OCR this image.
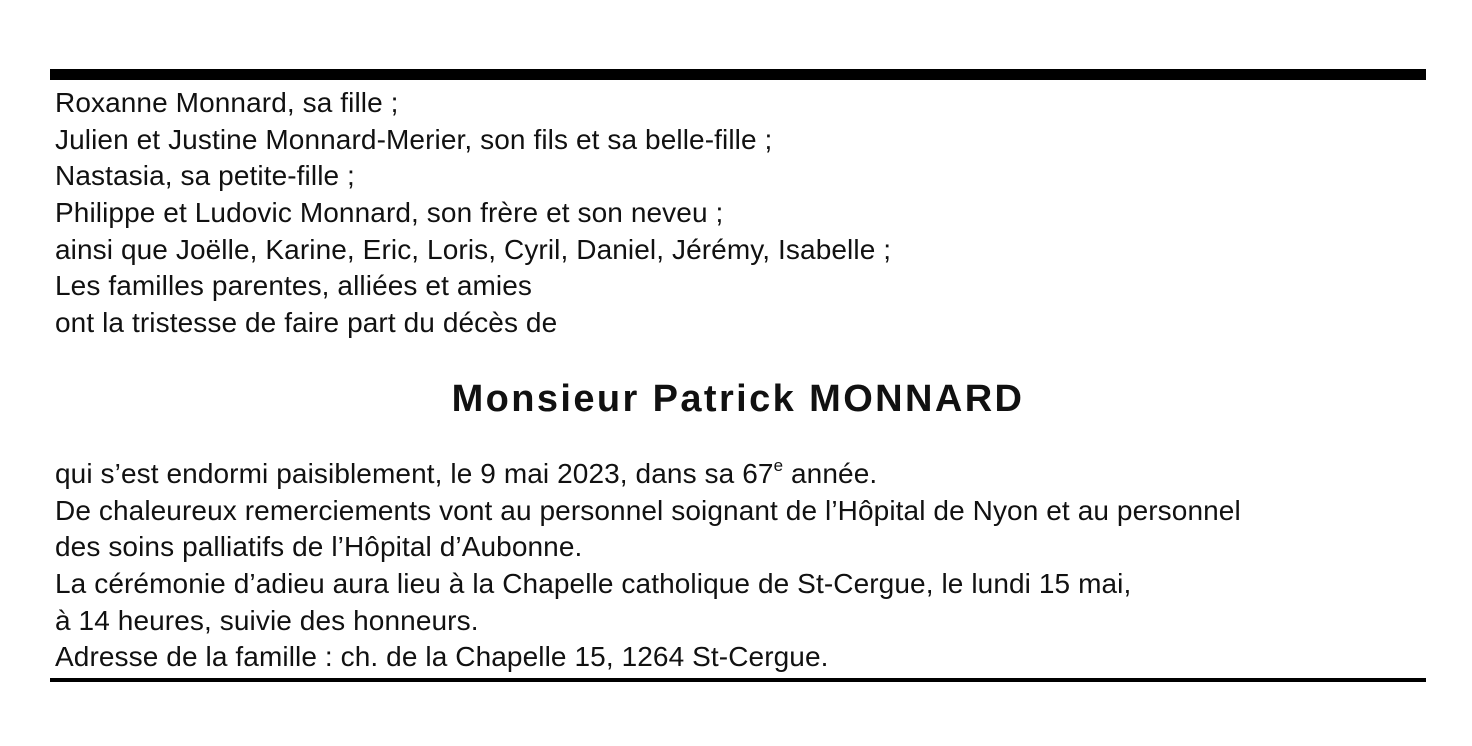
Roxanne Monnard, sa fille ;
Julien et Justine Monnard-Merier, son fils et sa belle-fille ;
Nastasia, sa petite-fille ;
Philippe et Ludovic Monnard, son frère et son neveu ;
ainsi que Joëlle, Karine, Eric, Loris, Cyril, Daniel, Jérémy, Isabelle ;
Les familles parentes, alliées et amies
ont la tristesse de faire part du décès de
Monsieur Patrick MONNARD
qui s’est endormi paisiblement, le 9 mai 2023, dans sa 67e année.
De chaleureux remerciements vont au personnel soignant de l’Hôpital de Nyon et au personnel
des soins palliatifs de l’Hôpital d’Aubonne.
La cérémonie d’adieu aura lieu à la Chapelle catholique de St-Cergue, le lundi 15 mai,
à 14 heures, suivie des honneurs.
Adresse de la famille : ch. de la Chapelle 15, 1264 St-Cergue.
